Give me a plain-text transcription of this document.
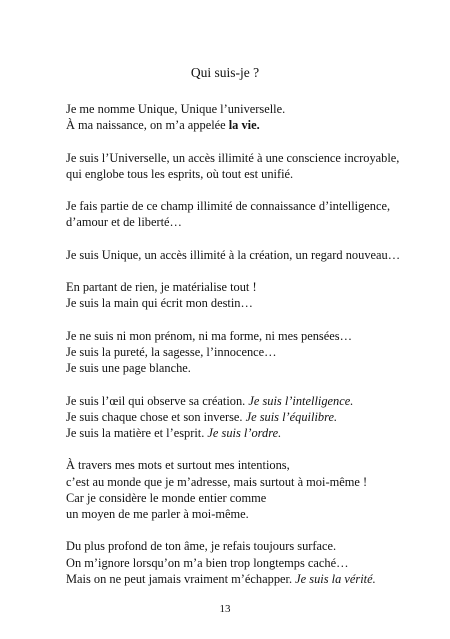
Qui suis-je ?
Je me nomme Unique, Unique l’universelle.
À ma naissance, on m’a appelée la vie.
Je suis l’Universelle, un accès illimité à une conscience incroyable,
qui englobe tous les esprits, où tout est unifié.
Je fais partie de ce champ illimité de connaissance d’intelligence,
d’amour et de liberté…
Je suis Unique, un accès illimité à la création, un regard nouveau…
En partant de rien, je matérialise tout !
Je suis la main qui écrit mon destin…
Je ne suis ni mon prénom, ni ma forme, ni mes pensées…
Je suis la pureté, la sagesse, l’innocence…
Je suis une page blanche.
Je suis l’œil qui observe sa création. Je suis l’intelligence.
Je suis chaque chose et son inverse. Je suis l’équilibre.
Je suis la matière et l’esprit. Je suis l’ordre.
À travers mes mots et surtout mes intentions,
c’est au monde que je m’adresse, mais surtout à moi-même !
Car je considère le monde entier comme
un moyen de me parler à moi-même.
Du plus profond de ton âme, je refais toujours surface.
On m’ignore lorsqu’on m’a bien trop longtemps caché…
Mais on ne peut jamais vraiment m’échapper. Je suis la vérité.
13
